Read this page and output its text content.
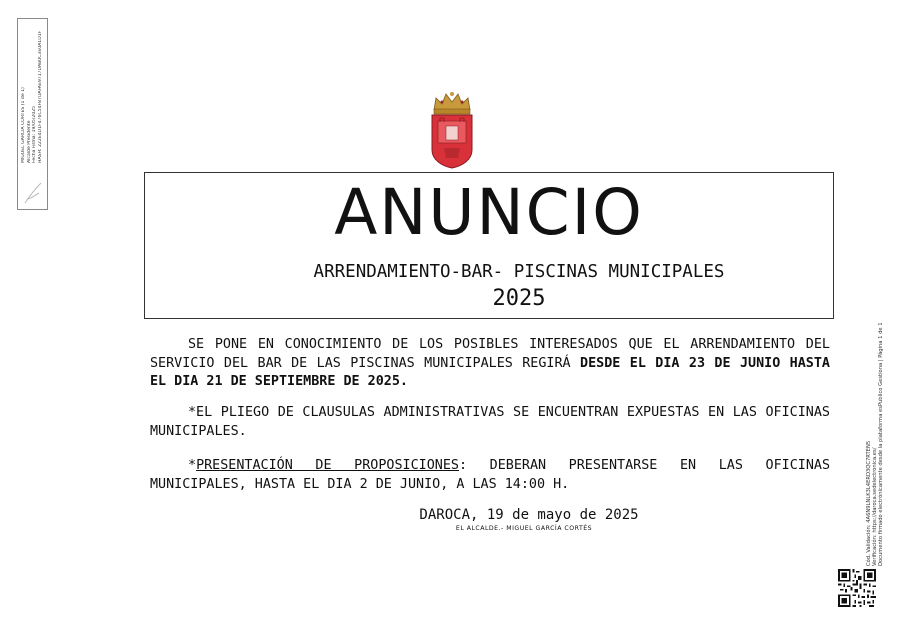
MIGUEL GARCÍA CORTÉS (1 de 1) Alcalde Presidente Fecha Firma: 19/05/2025 HASH: 222E4D1F476C54F87DAFAE9717DAB0C3E0A1D1F
ANUNCIO
ARRENDAMIENTO-BAR- PISCINAS MUNICIPALES
2025
SE PONE EN CONOCIMIENTO DE LOS POSIBLES INTERESADOS QUE EL ARRENDAMIENTO DEL SERVICIO DEL BAR DE LAS PISCINAS MUNICIPALES REGIRÁ DESDE EL DIA 23 DE JUNIO HASTA EL DIA 21 DE SEPTIEMBRE DE 2025.
*EL PLIEGO DE CLAUSULAS ADMINISTRATIVAS SE ENCUENTRAN EXPUESTAS EN LAS OFICINAS MUNICIPALES.
*PRESENTACIÓN DE PROPOSICIONES: DEBERAN PRESENTARSE EN LAS OFICINAS MUNICIPALES, HASTA EL DIA 2 DE JUNIO, A LAS 14:00 H.
DAROCA, 19 de mayo de 2025
EL ALCALDE.- MIGUEL GARCÍA CORTÉS	Cód. Validación: 4A6N9LNLK3L4ERD3QC7RTEN5 Verificación: https://daroca.sedelectronica.es/ Documento firmado electrónicamente desde la plataforma esPublico Gestiona | Página 1 de 1
